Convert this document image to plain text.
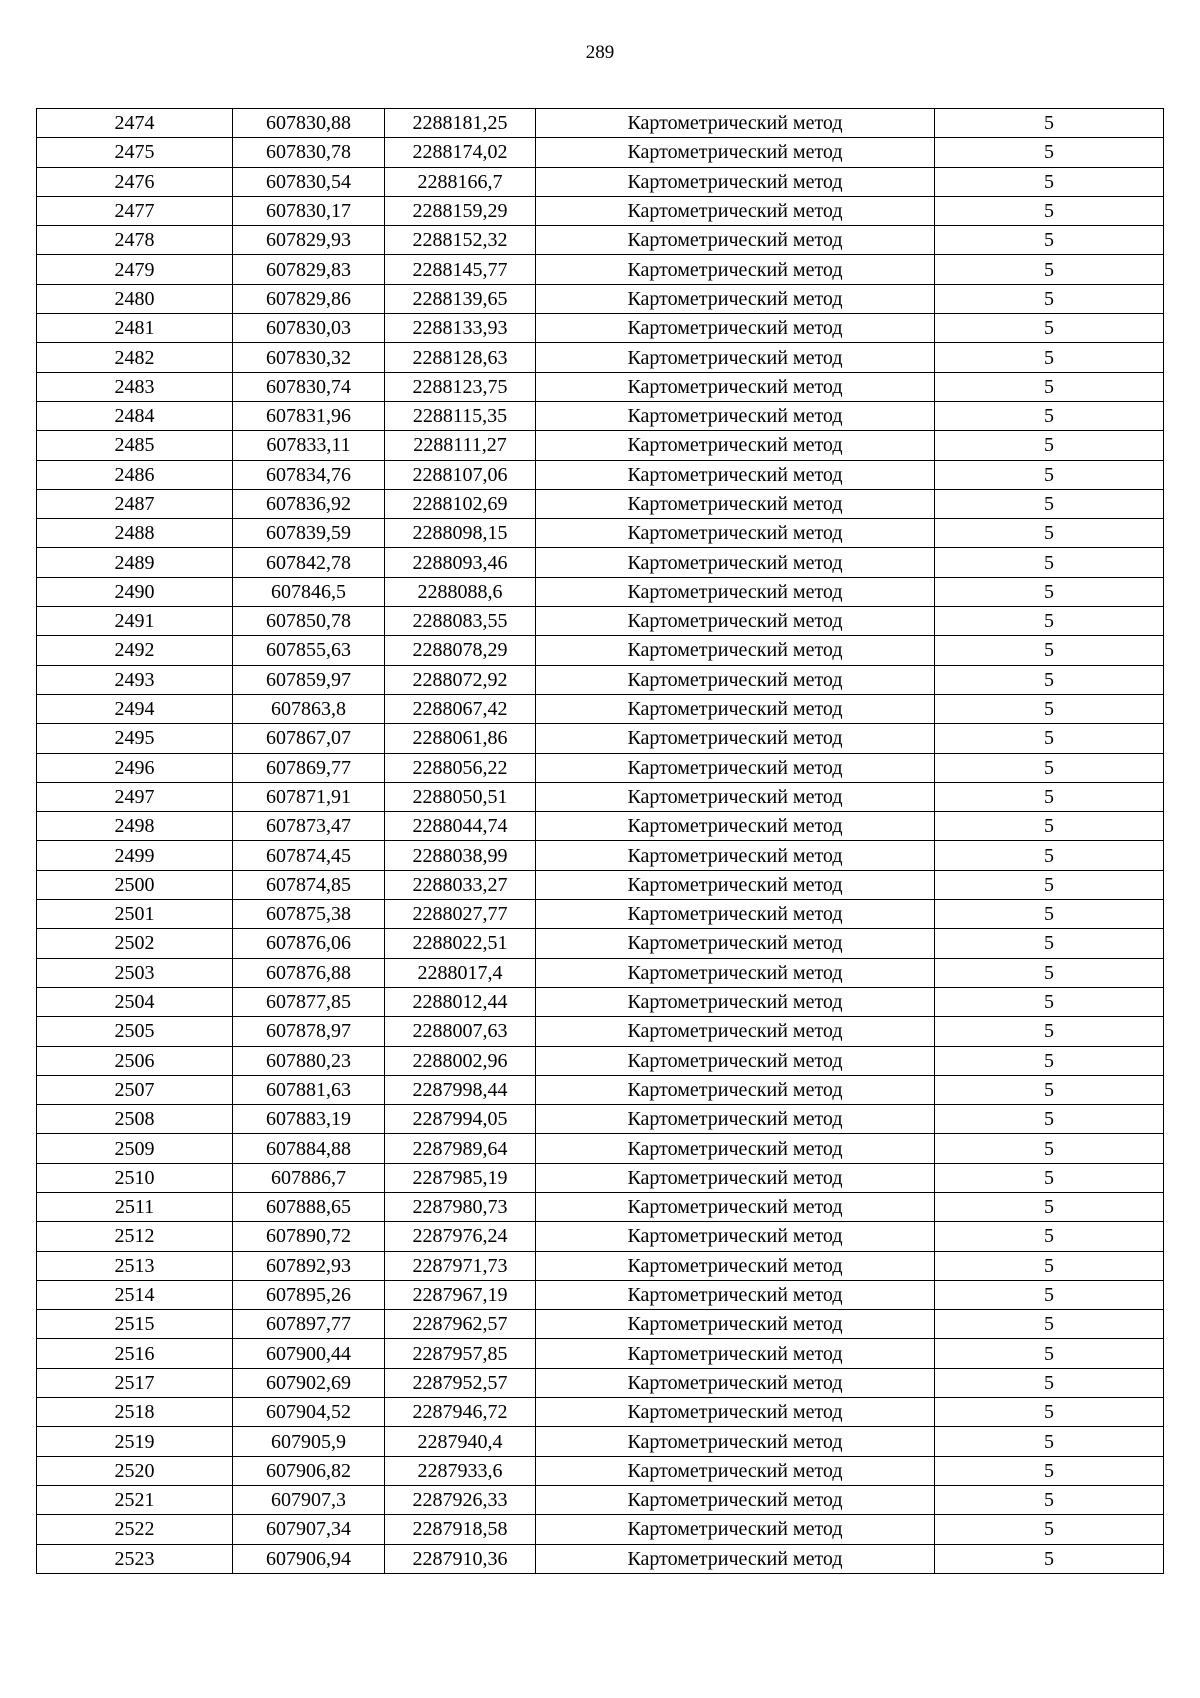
289
2474	607830,88	2288181,25	Картометрический метод	5
2475	607830,78	2288174,02	Картометрический метод	5
2476	607830,54	2288166,7	Картометрический метод	5
2477	607830,17	2288159,29	Картометрический метод	5
2478	607829,93	2288152,32	Картометрический метод	5
2479	607829,83	2288145,77	Картометрический метод	5
2480	607829,86	2288139,65	Картометрический метод	5
2481	607830,03	2288133,93	Картометрический метод	5
2482	607830,32	2288128,63	Картометрический метод	5
2483	607830,74	2288123,75	Картометрический метод	5
2484	607831,96	2288115,35	Картометрический метод	5
2485	607833,11	2288111,27	Картометрический метод	5
2486	607834,76	2288107,06	Картометрический метод	5
2487	607836,92	2288102,69	Картометрический метод	5
2488	607839,59	2288098,15	Картометрический метод	5
2489	607842,78	2288093,46	Картометрический метод	5
2490	607846,5	2288088,6	Картометрический метод	5
2491	607850,78	2288083,55	Картометрический метод	5
2492	607855,63	2288078,29	Картометрический метод	5
2493	607859,97	2288072,92	Картометрический метод	5
2494	607863,8	2288067,42	Картометрический метод	5
2495	607867,07	2288061,86	Картометрический метод	5
2496	607869,77	2288056,22	Картометрический метод	5
2497	607871,91	2288050,51	Картометрический метод	5
2498	607873,47	2288044,74	Картометрический метод	5
2499	607874,45	2288038,99	Картометрический метод	5
2500	607874,85	2288033,27	Картометрический метод	5
2501	607875,38	2288027,77	Картометрический метод	5
2502	607876,06	2288022,51	Картометрический метод	5
2503	607876,88	2288017,4	Картометрический метод	5
2504	607877,85	2288012,44	Картометрический метод	5
2505	607878,97	2288007,63	Картометрический метод	5
2506	607880,23	2288002,96	Картометрический метод	5
2507	607881,63	2287998,44	Картометрический метод	5
2508	607883,19	2287994,05	Картометрический метод	5
2509	607884,88	2287989,64	Картометрический метод	5
2510	607886,7	2287985,19	Картометрический метод	5
2511	607888,65	2287980,73	Картометрический метод	5
2512	607890,72	2287976,24	Картометрический метод	5
2513	607892,93	2287971,73	Картометрический метод	5
2514	607895,26	2287967,19	Картометрический метод	5
2515	607897,77	2287962,57	Картометрический метод	5
2516	607900,44	2287957,85	Картометрический метод	5
2517	607902,69	2287952,57	Картометрический метод	5
2518	607904,52	2287946,72	Картометрический метод	5
2519	607905,9	2287940,4	Картометрический метод	5
2520	607906,82	2287933,6	Картометрический метод	5
2521	607907,3	2287926,33	Картометрический метод	5
2522	607907,34	2287918,58	Картометрический метод	5
2523	607906,94	2287910,36	Картометрический метод	5
